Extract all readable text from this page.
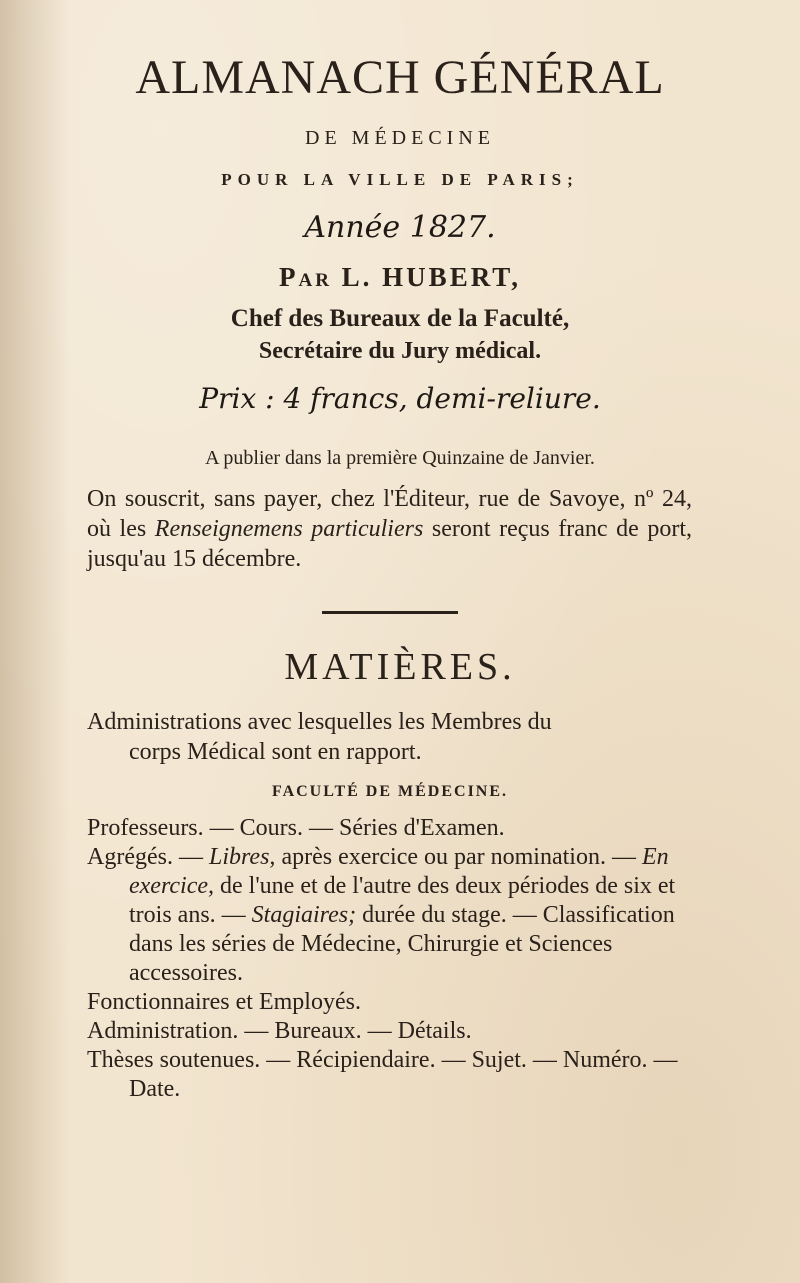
ALMANACH GÉNÉRAL

DE MÉDECINE

POUR LA VILLE DE PARIS;

Année 1827.

PAR L. HUBERT,

Chef des Bureaux de la Faculté,

Secrétaire du Jury médical.

Prix : 4 francs, demi-reliure.

A publier dans la première Quinzaine de Janvier.

On souscrit, sans payer, chez l'Éditeur, rue de Savoye, nº 24, où les Renseignemens particuliers seront reçus franc de port, jusqu'au 15 décembre.

MATIÈRES.

Administrations avec lesquelles les Membres du
corps Médical sont en rapport.

FACULTÉ DE MÉDECINE.

Professeurs. — Cours. — Séries d'Examen.
Agrégés. — Libres, après exercice ou par nomination. — En exercice, de l'une et de l'autre des deux périodes de six et trois ans. — Stagiaires; durée du stage. — Classification dans les séries de Médecine, Chirurgie et Sciences accessoires.
Fonctionnaires et Employés.
Administration. — Bureaux. — Détails.
Thèses soutenues. — Récipiendaire. — Sujet. — Numéro. — Date.
